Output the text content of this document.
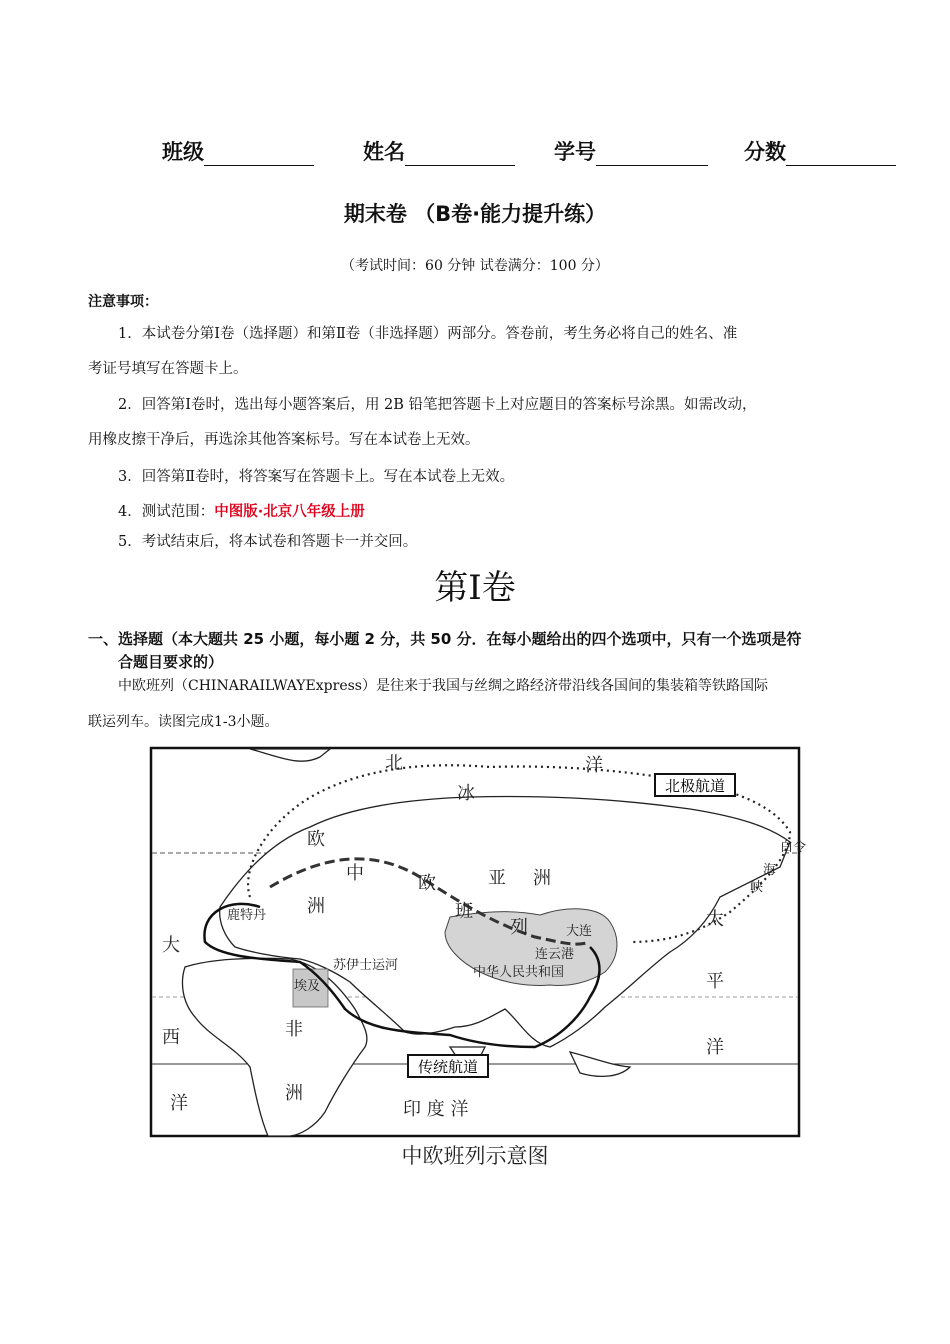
班级	姓名	学号	分数
期末卷 （B卷·能力提升练）
（考试时间：60 分钟 试卷满分：100 分）
注意事项：
1．本试卷分第Ⅰ卷（选择题）和第Ⅱ卷（非选择题）两部分。答卷前，考生务必将自己的姓名、准
考证号填写在答题卡上。
2．回答第Ⅰ卷时，选出每小题答案后，用 2B 铅笔把答题卡上对应题目的答案标号涂黑。如需改动，
用橡皮擦干净后，再选涂其他答案标号。写在本试卷上无效。
3．回答第Ⅱ卷时，将答案写在答题卡上。写在本试卷上无效。
4．测试范围：中图版·北京八年级上册
5．考试结束后，将本试卷和答题卡一并交回。
第Ⅰ卷
一、选择题（本大题共 25 小题，每小题 2 分，共 50 分．在每小题给出的四个选项中，只有一个选项是符
合题目要求的）
中欧班列（CHINARAILWAYExpress）是往来于我国与丝绸之路经济带沿线各国间的集装箱等铁路国际
联运列车。读图完成1-3小题。
北极航道
传统航道
北
冰
洋
欧
洲
中	欧
班
列
亚 洲
大
西
洋
非
洲
太
平
洋
印 度 洋
鹿特丹
苏伊士运河
埃及
大连
连云港
中华人民共和国
白令
海
峡
中欧班列示意图
